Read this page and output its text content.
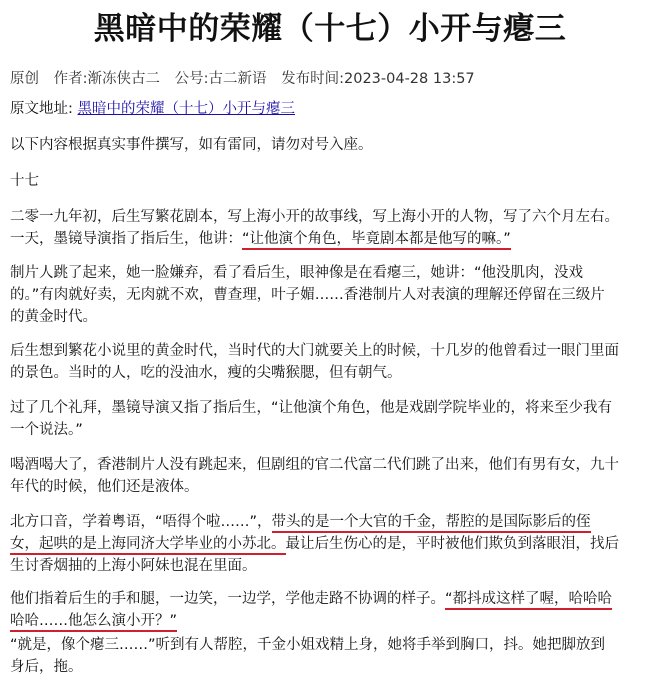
黑暗中的荣耀（十七）小开与瘪三
原创 作者:渐冻侠古二 公号:古二新语 发布时间:2023-04-28 13:57
原文地址: 黑暗中的荣耀（十七）小开与瘪三
以下内容根据真实事件撰写，如有雷同，请勿对号入座。
十七
二零一九年初，后生写繁花剧本，写上海小开的故事线，写上海小开的人物，写了六个月左右。
一天，墨镜导演指了指后生，他讲：“让他演个角色，毕竟剧本都是他写的嘛。”
制片人跳了起来，她一脸嫌弃，看了看后生，眼神像是在看瘪三，她讲：“他没肌肉，没戏
的。”有肉就好卖，无肉就不欢，曹查理，叶子媚……香港制片人对表演的理解还停留在三级片
的黄金时代。
后生想到繁花小说里的黄金时代，当时代的大门就要关上的时候，十几岁的他曾看过一眼门里面
的景色。当时的人，吃的没油水，瘦的尖嘴猴腮，但有朝气。
过了几个礼拜，墨镜导演又指了指后生，“让他演个角色，他是戏剧学院毕业的，将来至少我有
一个说法。”
喝酒喝大了，香港制片人没有跳起来，但剧组的官二代富二代们跳了出来，他们有男有女，九十
年代的时候，他们还是液体。
北方口音，学着粤语，“唔得个啦……”，带头的是一个大官的千金，帮腔的是国际影后的侄
女，起哄的是上海同济大学毕业的小苏北。最让后生伤心的是，平时被他们欺负到落眼泪，找后
生讨香烟抽的上海小阿妹也混在里面。
他们指着后生的手和腿，一边笑，一边学，学他走路不协调的样子。“都抖成这样了喔，哈哈哈
哈哈……他怎么演小开？”
“就是，像个瘪三……”听到有人帮腔，千金小姐戏精上身，她将手举到胸口，抖。她把脚放到
身后，拖。
